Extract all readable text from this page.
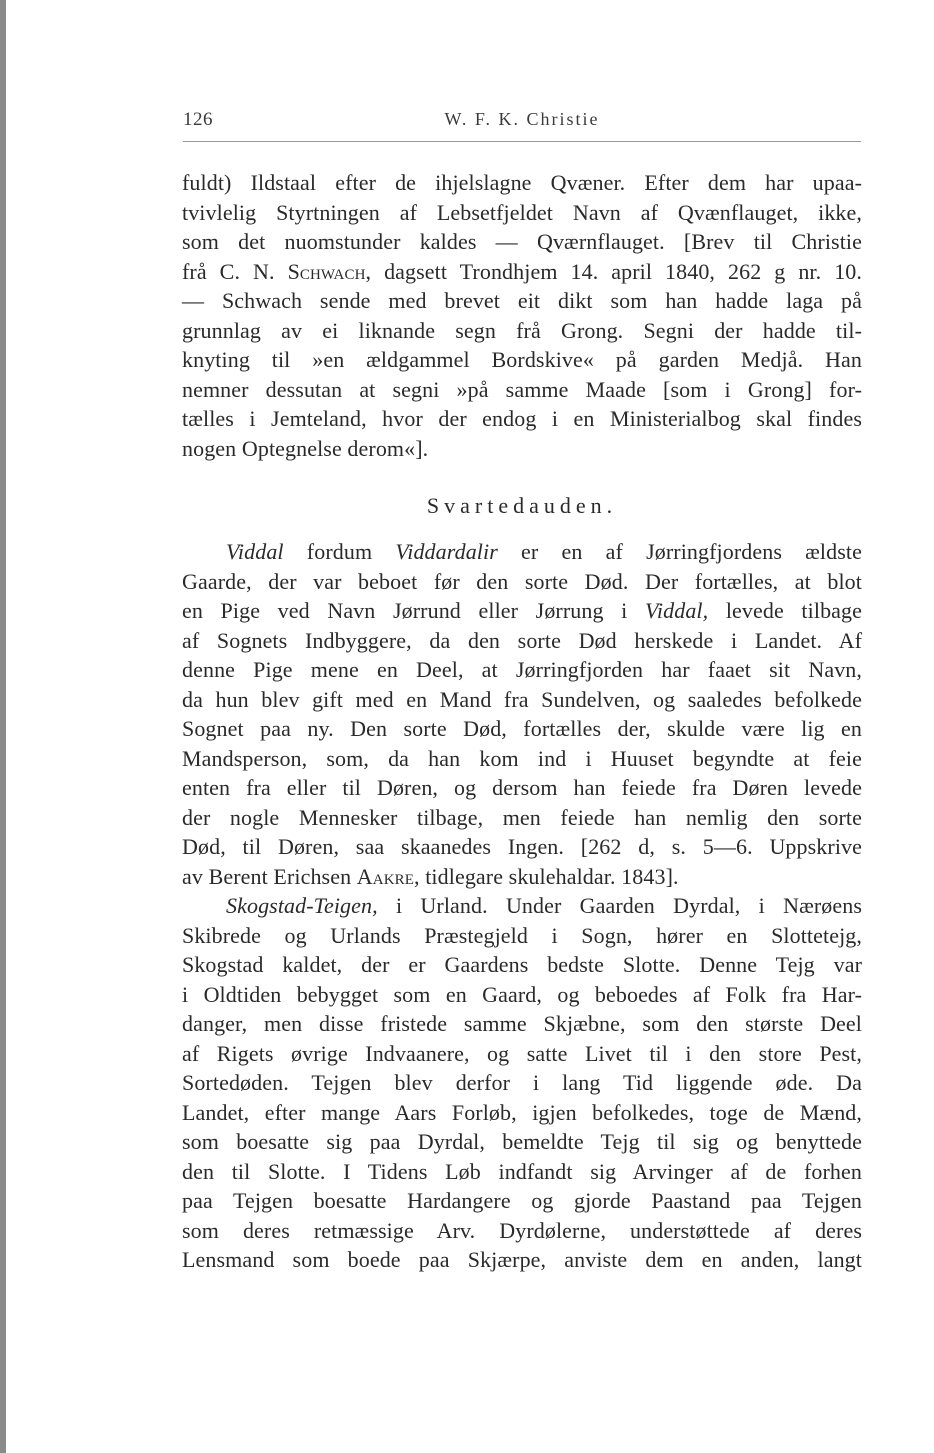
126	W. F. K. Christie
fuldt) Ildstaal efter de ihjelslagne Qvæner. Efter dem har upaa-
tvivlelig Styrtningen af Lebsetfjeldet Navn af Qvænflauget, ikke,
som det nuomstunder kaldes — Qværnflauget. [Brev til Christie
frå C. N. Schwach, dagsett Trondhjem 14. april 1840, 262 g nr. 10.
— Schwach sende med brevet eit dikt som han hadde laga på
grunnlag av ei liknande segn frå Grong. Segni der hadde til-
knyting til »en ældgammel Bordskive« på garden Medjå. Han
nemner dessutan at segni »på samme Maade [som i Grong] for-
tælles i Jemteland, hvor der endog i en Ministerialbog skal findes
nogen Optegnelse derom«].
Svartedauden.
Viddal fordum Viddardalir er en af Jørringfjordens ældste
Gaarde, der var beboet før den sorte Død. Der fortælles, at blot
en Pige ved Navn Jørrund eller Jørrung i Viddal, levede tilbage
af Sognets Indbyggere, da den sorte Død herskede i Landet. Af
denne Pige mene en Deel, at Jørringfjorden har faaet sit Navn,
da hun blev gift med en Mand fra Sundelven, og saaledes befolkede
Sognet paa ny. Den sorte Død, fortælles der, skulde være lig en
Mandsperson, som, da han kom ind i Huuset begyndte at feie
enten fra eller til Døren, og dersom han feiede fra Døren levede
der nogle Mennesker tilbage, men feiede han nemlig den sorte
Død, til Døren, saa skaanedes Ingen. [262 d, s. 5—6. Uppskrive
av Berent Erichsen Aakre, tidlegare skulehaldar. 1843].
Skogstad-Teigen, i Urland. Under Gaarden Dyrdal, i Nærøens
Skibrede og Urlands Præstegjeld i Sogn, hører en Slottetejg,
Skogstad kaldet, der er Gaardens bedste Slotte. Denne Tejg var
i Oldtiden bebygget som en Gaard, og beboedes af Folk fra Har-
danger, men disse fristede samme Skjæbne, som den største Deel
af Rigets øvrige Indvaanere, og satte Livet til i den store Pest,
Sortedøden. Tejgen blev derfor i lang Tid liggende øde. Da
Landet, efter mange Aars Forløb, igjen befolkedes, toge de Mænd,
som boesatte sig paa Dyrdal, bemeldte Tejg til sig og benyttede
den til Slotte. I Tidens Løb indfandt sig Arvinger af de forhen
paa Tejgen boesatte Hardangere og gjorde Paastand paa Tejgen
som deres retmæssige Arv. Dyrdølerne, understøttede af deres
Lensmand som boede paa Skjærpe, anviste dem en anden, langt
